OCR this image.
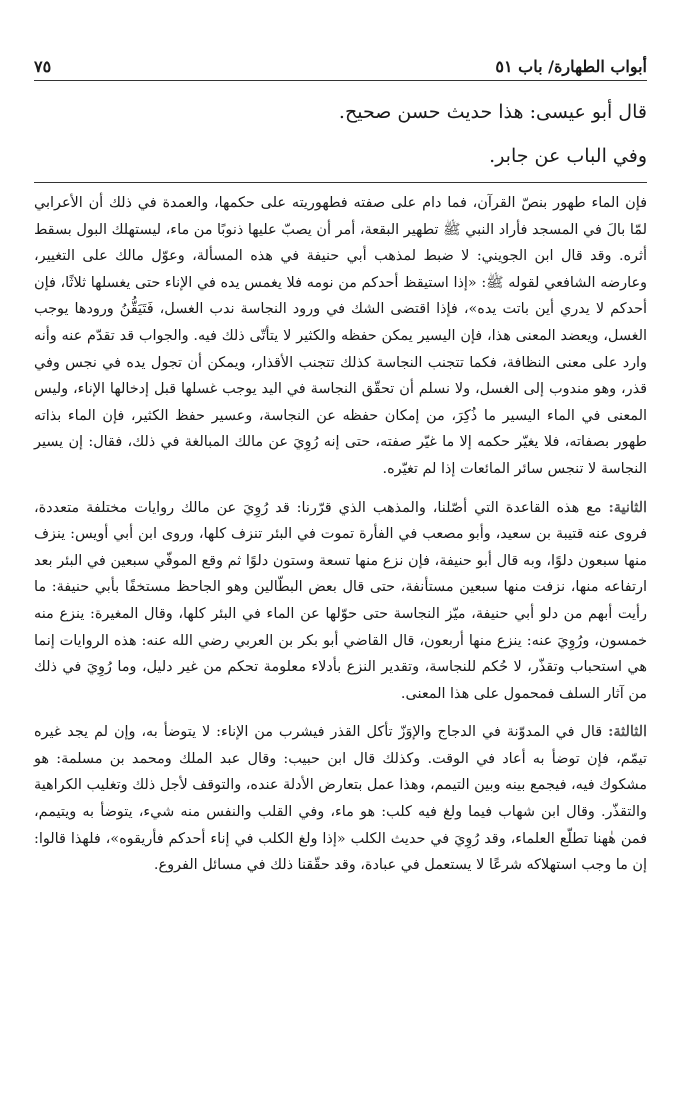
٧٥	أبواب الطهارة/ باب ٥١
قال أبو عيسى: هذا حديث حسن صحيح.
وفي الباب عن جابر.

فإن الماء طهور بنصّ القرآن، فما دام على صفته فطهوريته على حكمها، والعمدة في ذلك أن الأعرابي لمّا بالَ في المسجد فأراد النبي ﷺ تطهير البقعة، أمر أن يصبّ عليها ذنوبًا من ماء، ليستهلك البول بسقط أثره. وقد قال ابن الجويني: لا ضبط لمذهب أبي حنيفة في هذه المسألة، وعوّل مالك على التغيير، وعارضه الشافعي لقوله ﷺ: «إذا استيقظ أحدكم من نومه فلا يغمس يده في الإناء حتى يغسلها ثلاثًا، فإن أحدكم لا يدري أين باتت يده»، فإذا اقتضى الشك في ورود النجاسة ندب الغسل، فَتَيَقُّنُ ورودها يوجب الغسل، ويعضد المعنى هذا، فإن اليسير يمكن حفظه والكثير لا يتأتّى ذلك فيه. والجواب قد تقدّم عنه وأنه وارد على معنى النظافة، فكما تتجنب النجاسة كذلك تتجنب الأقذار، ويمكن أن تجول يده في نجس وفي قذر، وهو مندوب إلى الغسل، ولا نسلم أن تحقّق النجاسة في اليد يوجب غسلها قبل إدخالها الإناء، وليس المعنى في الماء اليسير ما ذُكِرَ، من إمكان حفظه عن النجاسة، وعسير حفظ الكثير، فإن الماء بذاته طهور بصفاته، فلا يغيّر حكمه إلا ما غيّر صفته، حتى إنه رُوِيَ عن مالك المبالغة في ذلك، فقال: إن يسير النجاسة لا تنجس سائر المائعات إذا لم تغيّره.

الثانية: مع هذه القاعدة التي أصّلنا، والمذهب الذي قرّرنا: قد رُوِيَ عن مالك روايات مختلفة متعددة، فروى عنه قتيبة بن سعيد، وأبو مصعب في الفأرة تموت في البئر تنزف كلها، وروى ابن أبي أويس: ينزف منها سبعون دلوًا، وبه قال أبو حنيفة، فإن نزع منها تسعة وستون دلوًا ثم وقع الموفّي سبعين في البئر بعد ارتفاعه منها، نزفت منها سبعين مستأنفة، حتى قال بعض البطّالين وهو الجاحظ مستخفًا بأبي حنيفة: ما رأيت أبهم من دلو أبي حنيفة، ميّز النجاسة حتى حوّلها عن الماء في البئر كلها، وقال المغيرة: ينزع منه خمسون، ورُوِيَ عنه: ينزع منها أربعون، قال القاضي أبو بكر بن العربي رضي الله عنه: هذه الروايات إنما هي استحباب وتقذّر، لا حُكم للنجاسة، وتقدير النزع بأدلاء معلومة تحكم من غير دليل، وما رُوِيَ في ذلك من آثار السلف فمحمول على هذا المعنى.

الثالثة: قال في المدوّنة في الدجاج والإوَزّ تأكل القذر فيشرب من الإناء: لا يتوضأ به، وإن لم يجد غيره تيمّم، فإن توضأ به أعاد في الوقت. وكذلك قال ابن حبيب: وقال عبد الملك ومحمد بن مسلمة: هو مشكوك فيه، فيجمع بينه وبين التيمم، وهذا عمل بتعارض الأدلة عنده، والتوقف لأجل ذلك وتغليب الكراهية والتقذّر. وقال ابن شهاب فيما ولغ فيه كلب: هو ماء، وفي القلب والنفس منه شيء، يتوضأ به ويتيمم، فمن هٰهنا تطلّع العلماء، وقد رُوِيَ في حديث الكلب «إذا ولغ الكلب في إناء أحدكم فأريقوه»، فلهذا قالوا: إن ما وجب استهلاكه شرعًا لا يستعمل في عبادة، وقد حقّقنا ذلك في مسائل الفروع.
